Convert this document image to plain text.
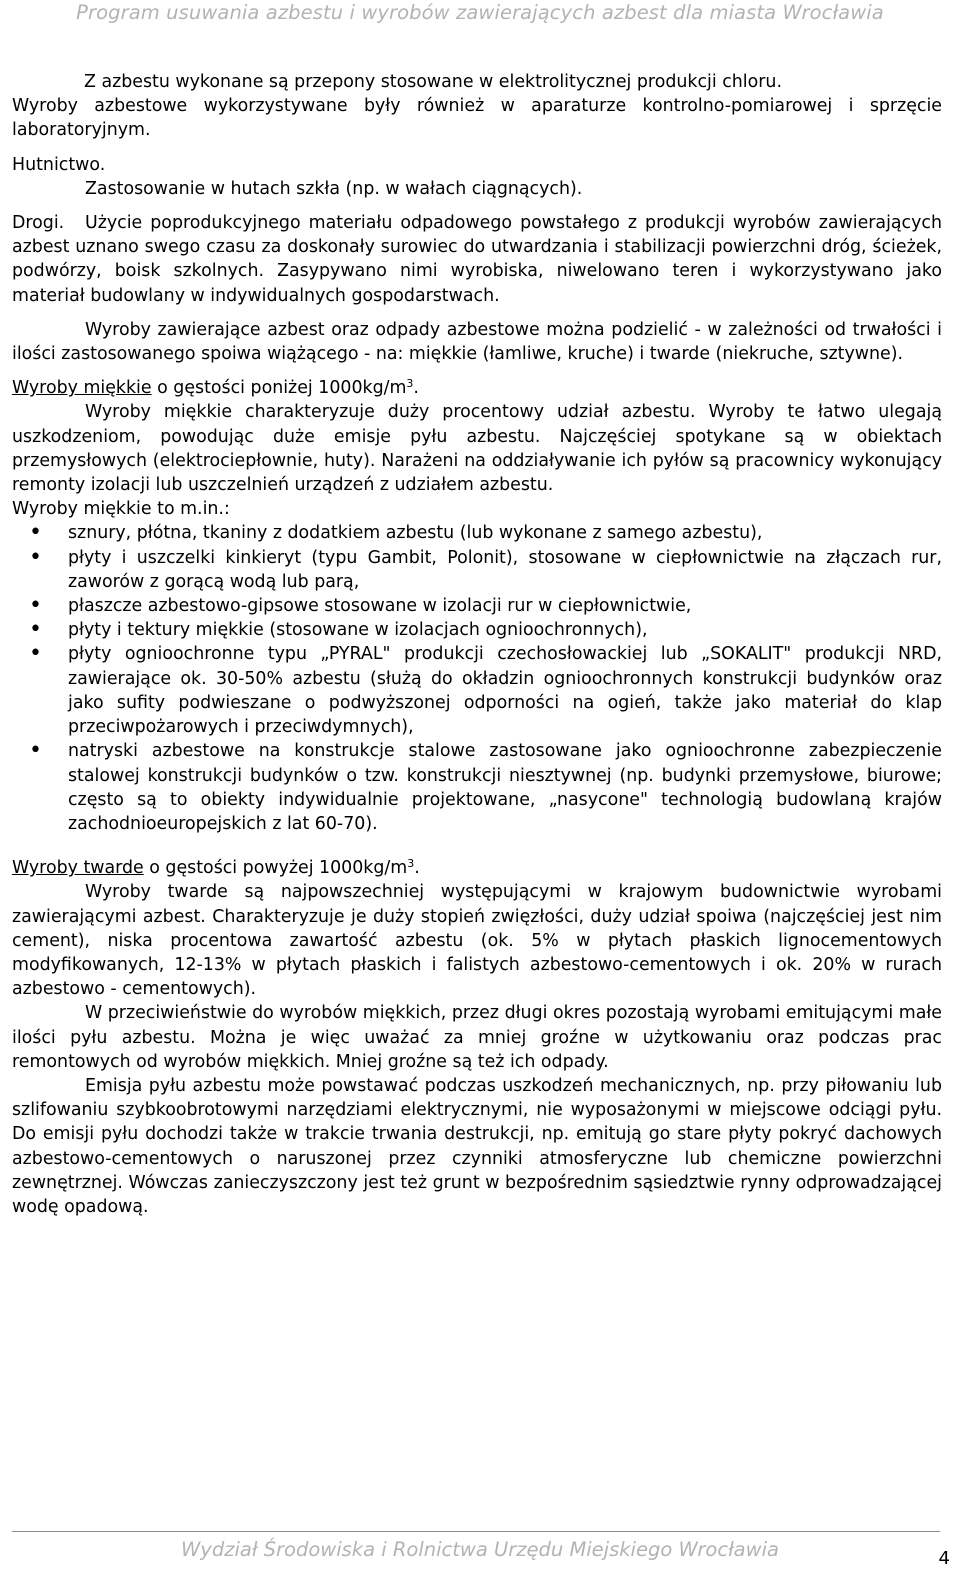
Program usuwania azbestu i wyrobów zawierających azbest dla miasta Wrocławia

Z azbestu wykonane są przepony stosowane w elektrolitycznej produkcji chloru.

Wyroby azbestowe wykorzystywane były również w aparaturze kontrolno-pomiarowej i sprzęcie laboratoryjnym.

Hutnictwo.

Zastosowanie w hutach szkła (np. w wałach ciągnących).

Drogi.	Użycie poprodukcyjnego materiału odpadowego powstałego z produkcji wyrobów zawierających azbest uznano swego czasu za doskonały surowiec do utwardzania i stabilizacji powierzchni dróg, ścieżek, podwórzy, boisk szkolnych. Zasypywano nimi wyrobiska, niwelowano teren i wykorzystywano jako materiał budowlany w indywidualnych gospodarstwach.

Wyroby zawierające azbest oraz odpady azbestowe można podzielić - w zależności od trwałości i ilości zastosowanego spoiwa wiążącego - na: miękkie (łamliwe, kruche) i twarde (niekruche, sztywne).

Wyroby miękkie o gęstości poniżej $1000kg/m^3$.

Wyroby miękkie charakteryzuje duży procentowy udział azbestu. Wyroby te łatwo ulegają uszkodzeniom, powodując duże emisje pyłu azbestu. Najczęściej spotykane są w obiektach przemysłowych (elektrociepłownie, huty). Narażeni na oddziaływanie ich pyłów są pracownicy wykonujący remonty izolacji lub uszczelnień urządzeń z udziałem azbestu.

Wyroby miękkie to m.in.:

• sznury, płótna, tkaniny z dodatkiem azbestu (lub wykonane z samego azbestu),
• płyty i uszczelki kinkieryt (typu Gambit, Polonit), stosowane w ciepłownictwie na złączach rur, zaworów z gorącą wodą lub parą,
• płaszcze azbestowo-gipsowe stosowane w izolacji rur w ciepłownictwie,
• płyty i tektury miękkie (stosowane w izolacjach ognioochronnych),
• płyty ognioochronne typu „PYRAL" produkcji czechosłowackiej lub „SOKALIT" produkcji NRD, zawierające ok. 30-50% azbestu (służą do okładzin ognioochronnych konstrukcji budynków oraz jako sufity podwieszane o podwyższonej odporności na ogień, także jako materiał do klap przeciwpożarowych i przeciwdymnych),
• natryski azbestowe na konstrukcje stalowe zastosowane jako ognioochronne zabezpieczenie stalowej konstrukcji budynków o tzw. konstrukcji niesztywnej (np. budynki przemysłowe, biurowe; często są to obiekty indywidualnie projektowane, „nasycone" technologią budowlaną krajów zachodnioeuropejskich z lat 60-70).

Wyroby twarde o gęstości powyżej $1000kg/m^3$.

Wyroby twarde są najpowszechniej występującymi w krajowym budownictwie wyrobami zawierającymi azbest. Charakteryzuje je duży stopień zwięzłości, duży udział spoiwa (najczęściej jest nim cement), niska procentowa zawartość azbestu (ok. 5% w płytach płaskich lignocementowych modyfikowanych, 12-13% w płytach płaskich i falistych azbestowo-cementowych i ok. 20% w rurach azbestowo - cementowych).

W przeciwieństwie do wyrobów miękkich, przez długi okres pozostają wyrobami emitującymi małe ilości pyłu azbestu. Można je więc uważać za mniej groźne w użytkowaniu oraz podczas prac remontowych od wyrobów miękkich. Mniej groźne są też ich odpady.

Emisja pyłu azbestu może powstawać podczas uszkodzeń mechanicznych, np. przy piłowaniu lub szlifowaniu szybkoobrotowymi narzędziami elektrycznymi, nie wyposażonymi w miejscowe odciągi pyłu. Do emisji pyłu dochodzi także w trakcie trwania destrukcji, np. emitują go stare płyty pokryć dachowych azbestowo-cementowych o naruszonej przez czynniki atmosferyczne lub chemiczne powierzchni zewnętrznej. Wówczas zanieczyszczony jest też grunt w bezpośrednim sąsiedztwie rynny odprowadzającej wodę opadową.

Wydział Środowiska i Rolnictwa Urzędu Miejskiego Wrocławia	4
